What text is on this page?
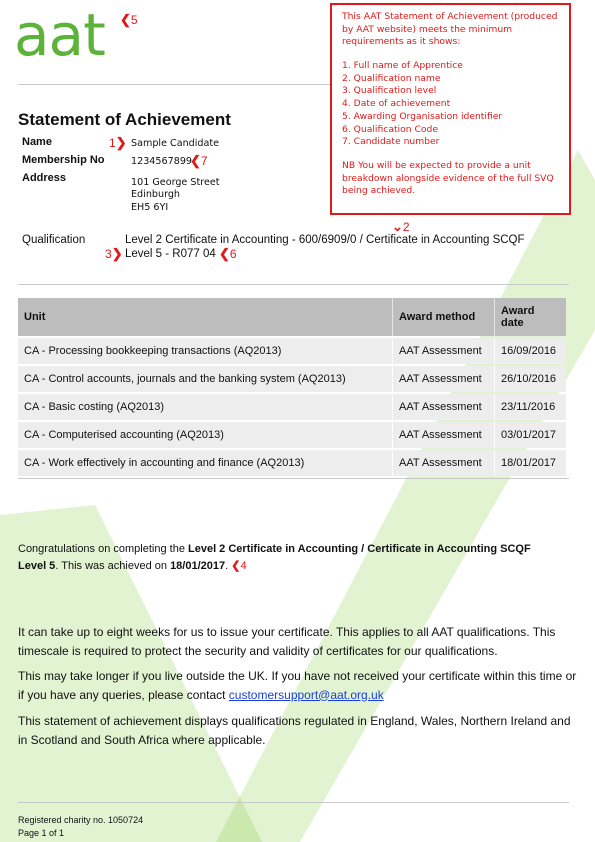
aat ❮5	This AAT Statement of Achievement (produced by AAT website) meets the minimum requirements as it shows:

1. Full name of Apprentice
2. Qualification name
3. Qualification level
4. Date of achievement
5. Awarding Organisation identifier
6. Qualification Code
7. Candidate number

NB You will be expected to provide a unit breakdown alongside evidence of the full SVQ being achieved.

Statement of Achievement
Name	1❯ Sample Candidate
Membership No	1234567899
❮7
Address	101 George Street
Edinburgh
EH5 6YI
⌄2
Qualification	Level 2 Certificate in Accounting - 600/6909/0 / Certificate in Accounting SCQF
3❯ Level 5 - R077 04 ❮6
Unit	Award method	Award date
CA - Processing bookkeeping transactions (AQ2013)	AAT Assessment	16/09/2016
CA - Control accounts, journals and the banking system (AQ2013)	AAT Assessment	26/10/2016
CA - Basic costing (AQ2013)	AAT Assessment	23/11/2016
CA - Computerised accounting (AQ2013)	AAT Assessment	03/01/2017
CA - Work effectively in accounting and finance (AQ2013)	AAT Assessment	18/01/2017
Congratulations on completing the Level 2 Certificate in Accounting / Certificate in Accounting SCQF Level 5. This was achieved on 18/01/2017. ❮4
It can take up to eight weeks for us to issue your certificate. This applies to all AAT qualifications. This timescale is required to protect the security and validity of certificates for our qualifications.
This may take longer if you live outside the UK. If you have not received your certificate within this time or if you have any queries, please contact customersupport@aat.org.uk
This statement of achievement displays qualifications regulated in England, Wales, Northern Ireland and in Scotland and South Africa where applicable.
Registered charity no. 1050724
Page 1 of 1
